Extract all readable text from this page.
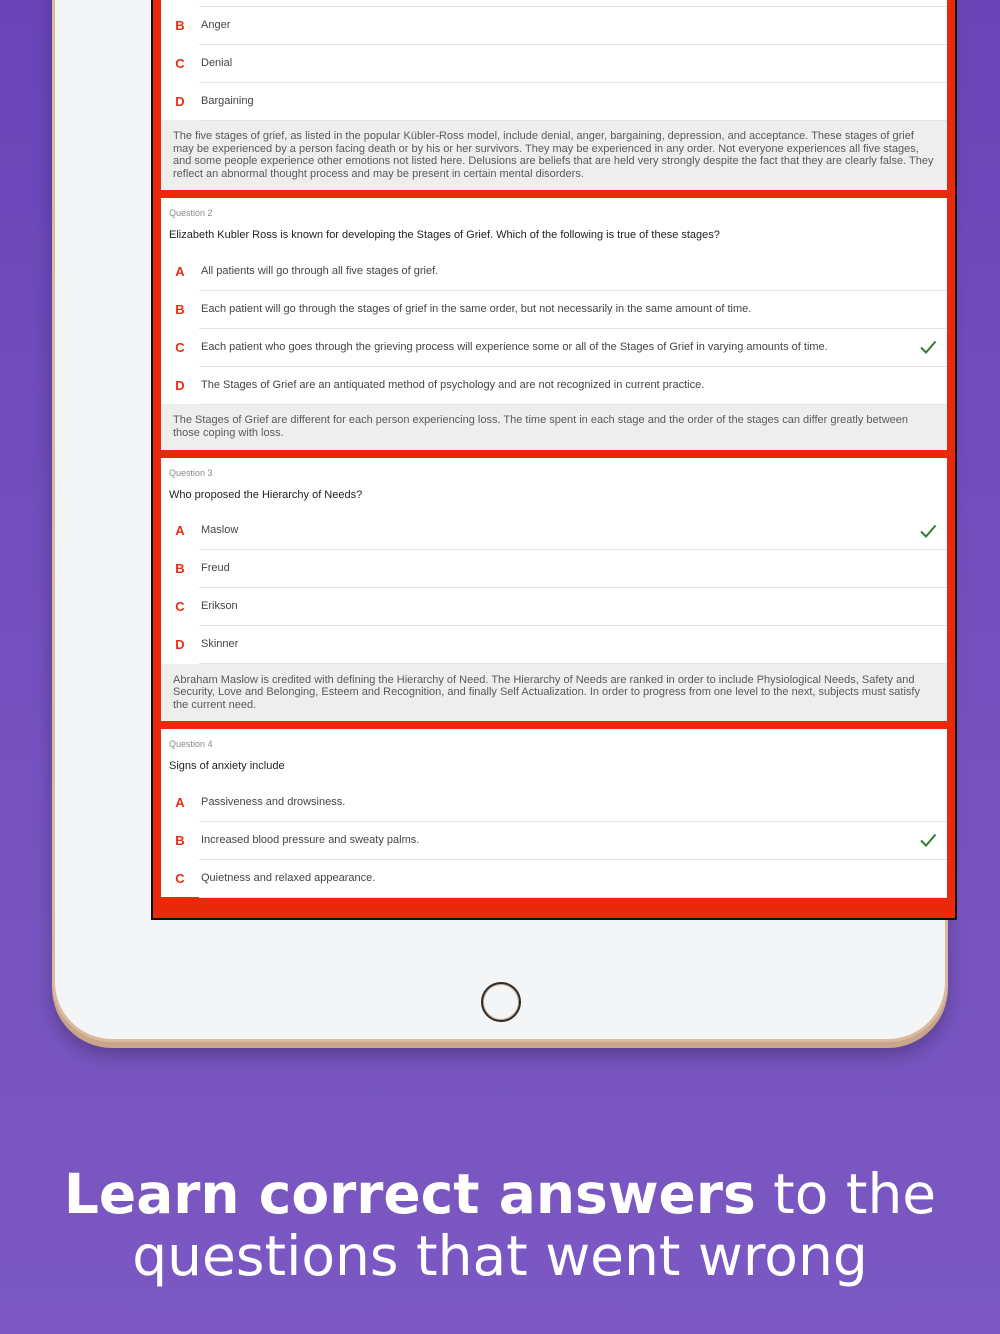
B	Anger
C	Denial
D	Bargaining
The five stages of grief, as listed in the popular Kübler-Ross model, include denial, anger, bargaining, depression, and acceptance. These stages of grief may be experienced by a person facing death or by his or her survivors. They may be experienced in any order. Not everyone experiences all five stages, and some people experience other emotions not listed here. Delusions are beliefs that are held very strongly despite the fact that they are clearly false. They reflect an abnormal thought process and may be present in certain mental disorders.
Question 2
Elizabeth Kubler Ross is known for developing the Stages of Grief. Which of the following is true of these stages?
A	All patients will go through all five stages of grief.
B	Each patient will go through the stages of grief in the same order, but not necessarily in the same amount of time.
C	Each patient who goes through the grieving process will experience some or all of the Stages of Grief in varying amounts of time.
D	The Stages of Grief are an antiquated method of psychology and are not recognized in current practice.
The Stages of Grief are different for each person experiencing loss. The time spent in each stage and the order of the stages can differ greatly between those coping with loss.
Question 3
Who proposed the Hierarchy of Needs?
A	Maslow
B	Freud
C	Erikson
D	Skinner
Abraham Maslow is credited with defining the Hierarchy of Need. The Hierarchy of Needs are ranked in order to include Physiological Needs, Safety and Security, Love and Belonging, Esteem and Recognition, and finally Self Actualization. In order to progress from one level to the next, subjects must satisfy the current need.
Question 4
Signs of anxiety include
A	Passiveness and drowsiness.
B	Increased blood pressure and sweaty palms.
C	Quietness and relaxed appearance.
Learn correct answers to the
questions that went wrong
